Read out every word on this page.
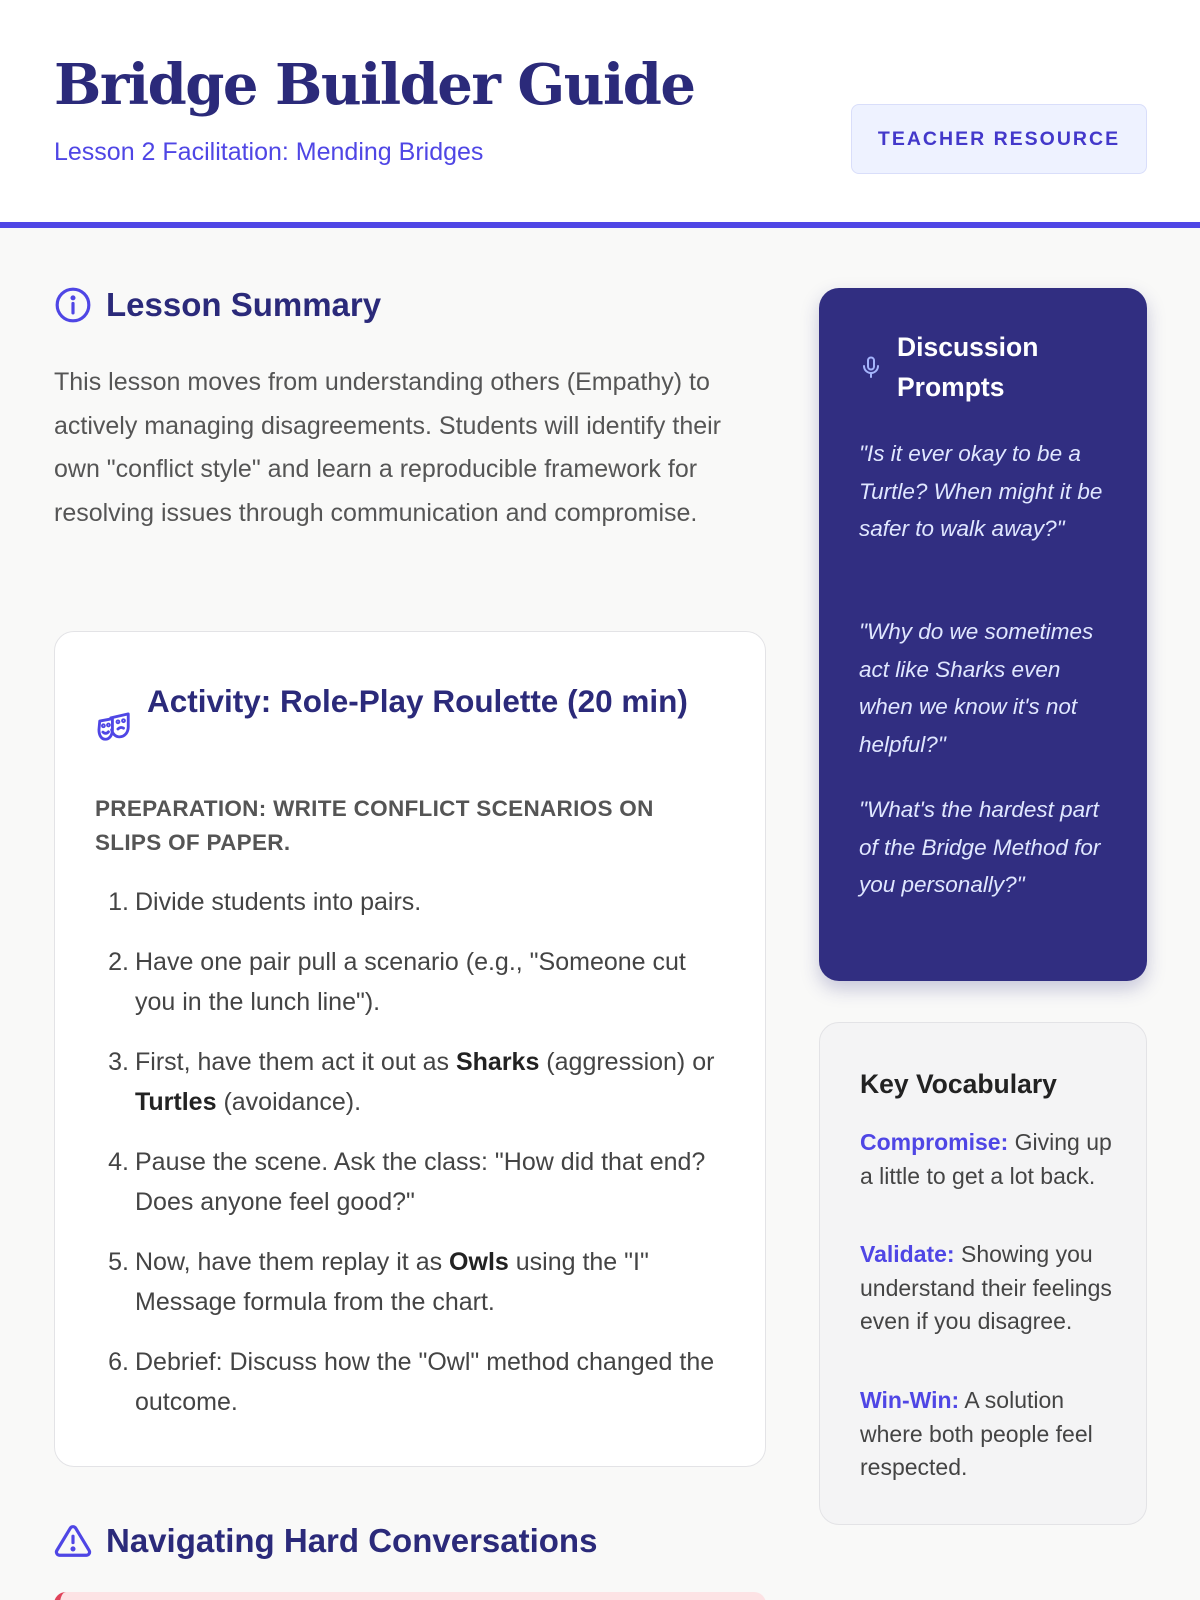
Bridge Builder Guide
Lesson 2 Facilitation: Mending Bridges	TEACHER RESOURCE
Lesson Summary

This lesson moves from understanding others (Empathy) to actively managing disagreements. Students will identify their own "conflict style" and learn a reproducible framework for resolving issues through communication and compromise.

Activity: Role-Play Roulette (20 min)
PREPARATION: WRITE CONFLICT SCENARIOS ON SLIPS OF PAPER.
1. Divide students into pairs.
2. Have one pair pull a scenario (e.g., "Someone cut you in the lunch line").
3. First, have them act it out as Sharks (aggression) or Turtles (avoidance).
4. Pause the scene. Ask the class: "How did that end? Does anyone feel good?"
5. Now, have them replay it as Owls using the "I" Message formula from the chart.
6. Debrief: Discuss how the "Owl" method changed the outcome.
Navigating Hard Conversations
Discussion Prompts

"Is it ever okay to be a Turtle? When might it be safer to walk away?"

"Why do we sometimes act like Sharks even when we know it's not helpful?"

"What's the hardest part of the Bridge Method for you personally?"

Key Vocabulary

Compromise: Giving up a little to get a lot back.

Validate: Showing you understand their feelings even if you disagree.

Win-Win: A solution where both people feel respected.
